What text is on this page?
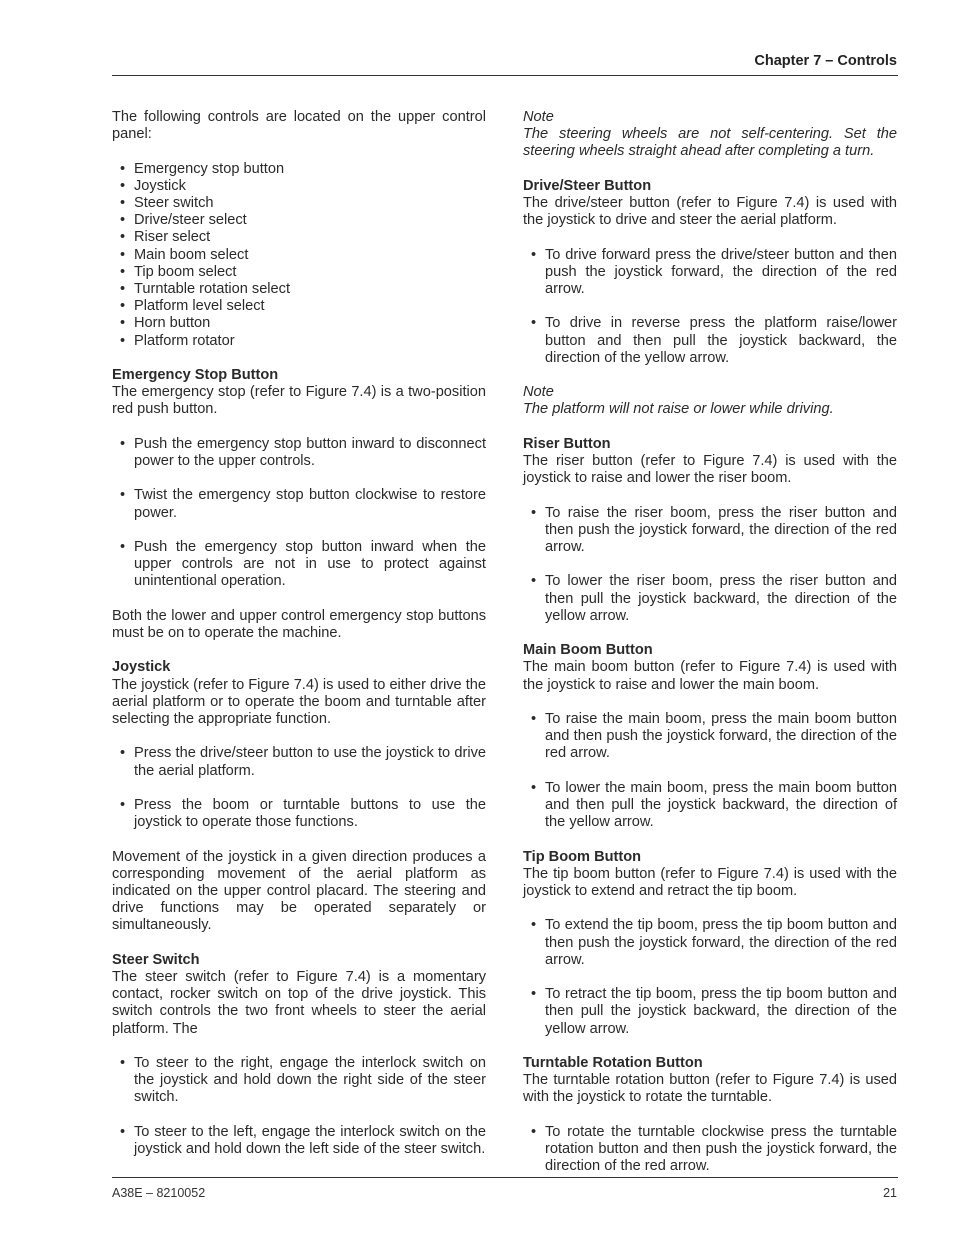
Chapter 7 – Controls

The following controls are located on the upper control panel:

• Emergency stop button
• Joystick
• Steer switch
• Drive/steer select
• Riser select
• Main boom select
• Tip boom select
• Turntable rotation select
• Platform level select
• Horn button
• Platform rotator
Emergency Stop Button

The emergency stop (refer to Figure 7.4) is a two-position red push button.

• Push the emergency stop button inward to disconnect power to the upper controls.
• Twist the emergency stop button clockwise to restore power.
• Push the emergency stop button inward when the upper controls are not in use to protect against unintentional operation.

Both the lower and upper control emergency stop buttons must be on to operate the machine.

Joystick

The joystick (refer to Figure 7.4) is used to either drive the aerial platform or to operate the boom and turntable after selecting the appropriate function.

• Press the drive/steer button to use the joystick to drive the aerial platform.
• Press the boom or turntable buttons to use the joystick to operate those functions.

Movement of the joystick in a given direction produces a corresponding movement of the aerial platform as indicated on the upper control placard. The steering and drive functions may be operated separately or simultaneously.

Steer Switch

The steer switch (refer to Figure 7.4) is a momentary contact, rocker switch on top of the drive joystick. This switch controls the two front wheels to steer the aerial platform. The

• To steer to the right, engage the interlock switch on the joystick and hold down the right side of the steer switch.
• To steer to the left, engage the interlock switch on the joystick and hold down the left side of the steer switch.
Note

The steering wheels are not self-centering. Set the steering wheels straight ahead after completing a turn.

Drive/Steer Button

The drive/steer button (refer to Figure 7.4) is used with the joystick to drive and steer the aerial platform.

• To drive forward press the drive/steer button and then push the joystick forward, the direction of the red arrow.
• To drive in reverse press the platform raise/lower button and then pull the joystick backward, the direction of the yellow arrow.
Note

The platform will not raise or lower while driving.

Riser Button

The riser button (refer to Figure 7.4) is used with the joystick to raise and lower the riser boom.

• To raise the riser boom, press the riser button and then push the joystick forward, the direction of the red arrow.
• To lower the riser boom, press the riser button and then pull the joystick backward, the direction of the yellow arrow.
Main Boom Button

The main boom button (refer to Figure 7.4) is used with the joystick to raise and lower the main boom.

• To raise the main boom, press the main boom button and then push the joystick forward, the direction of the red arrow.
• To lower the main boom, press the main boom button and then pull the joystick backward, the direction of the yellow arrow.
Tip Boom Button

The tip boom button (refer to Figure 7.4) is used with the joystick to extend and retract the tip boom.

• To extend the tip boom, press the tip boom button and then push the joystick forward, the direction of the red arrow.
• To retract the tip boom, press the tip boom button and then pull the joystick backward, the direction of the yellow arrow.
Turntable Rotation Button

The turntable rotation button (refer to Figure 7.4) is used with the joystick to rotate the turntable.

• To rotate the turntable clockwise press the turntable rotation button and then push the joystick forward, the direction of the red arrow.
A38E – 8210052	21
